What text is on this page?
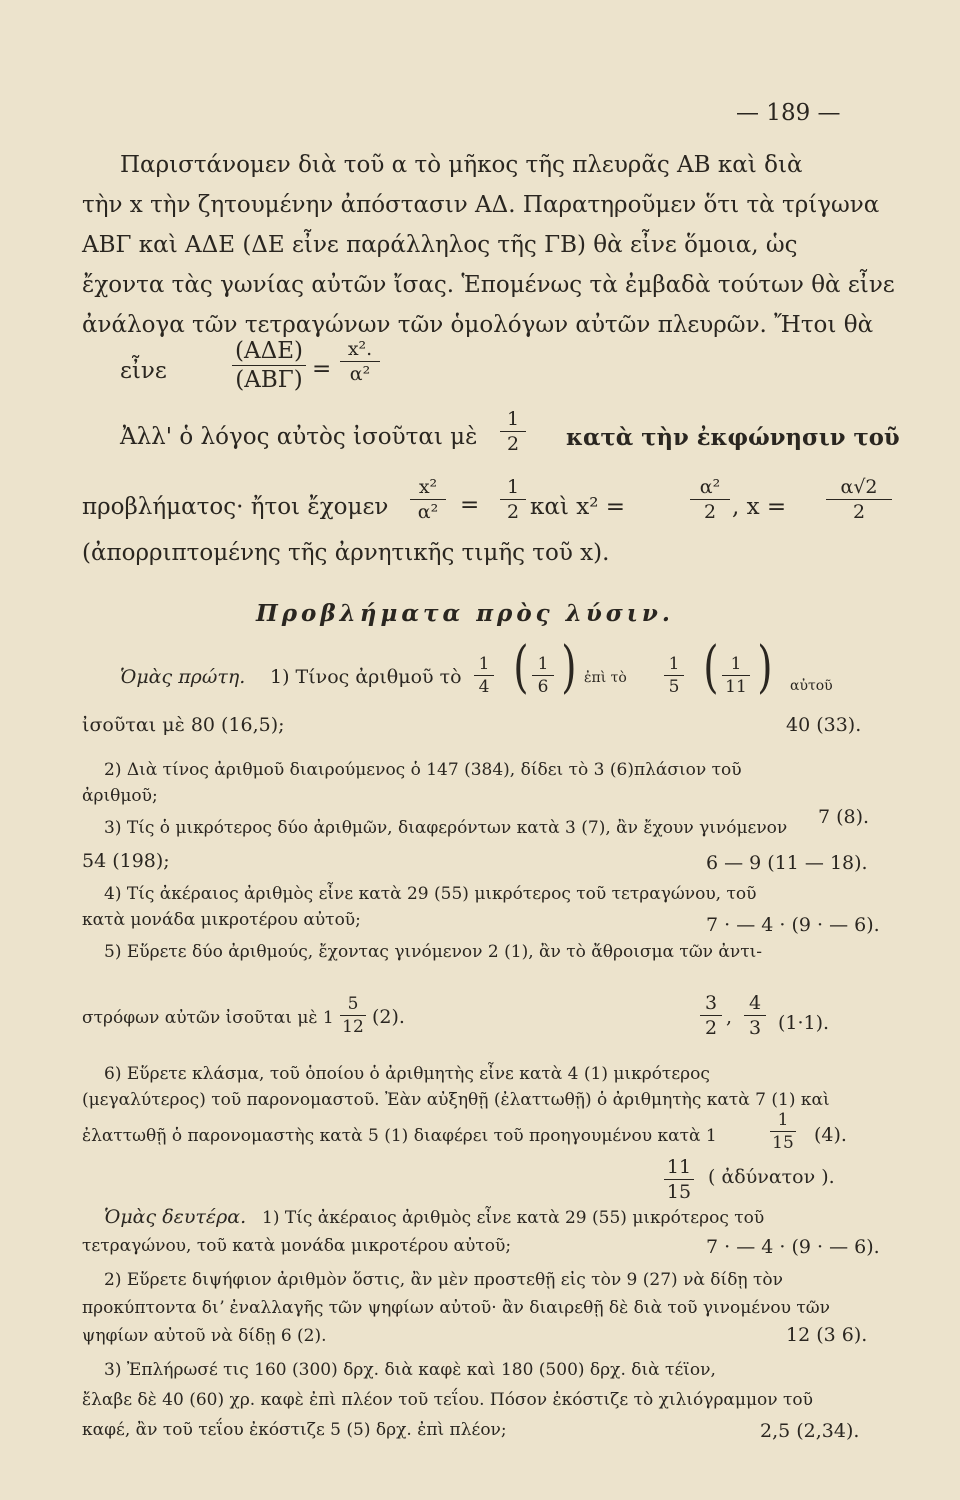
— 189 —
Παριστάνομεν διὰ τοῦ α τὸ μῆκος τῆς πλευρᾶς ΑΒ καὶ διὰ
τὴν x τὴν ζητουμένην ἀπόστασιν ΑΔ. Παρατηροῦμεν ὅτι τὰ τρίγωνα
ΑΒΓ καὶ ΑΔΕ (ΔΕ εἶνε παράλληλος τῆς ΓΒ) θὰ εἶνε ὅμοια, ὡς
ἔχοντα τὰς γωνίας αὐτῶν ἴσας. Ἑπομένως τὰ ἐμβαδὰ τούτων θὰ εἶνε
ἀνάλογα τῶν τετραγώνων τῶν ὁμολόγων αὐτῶν πλευρῶν. Ἤτοι θὰ
εἶνε
(ΑΔΕ)
(ΑΒΓ) =
x².
α²
Ἀλλ' ὁ λόγος αὐτὸς ἰσοῦται μὲ
1
2	κατὰ τὴν ἐκφώνησιν τοῦ
προβλήματος· ἤτοι ἔχομεν
x²
α² =
1
2 καὶ x² =
α²
2 , x =
α√2
2
(ἀπορριπτομένης τῆς ἀρνητικῆς τιμῆς τοῦ x).
Προβλήματα πρὸς λύσιν.
Ὁμὰς πρώτη. 1) Τίνος ἀριθμοῦ τὸ
1
4 ( 1
6 ) ἐπὶ τὸ
1
5 ( 1
11 ) αὐτοῦ
ἰσοῦται μὲ 80 (16,5);	40 (33).
2) Διὰ τίνος ἀριθμοῦ διαιρούμενος ὁ 147 (384), δίδει τὸ 3 (6)πλάσιον τοῦ
ἀριθμοῦ;
7 (8).
3) Τίς ὁ μικρότερος δύο ἀριθμῶν, διαφερόντων κατὰ 3 (7), ἂν ἔχουν γινόμενον
54 (198);	6 — 9 (11 — 18).
4) Τίς ἀκέραιος ἀριθμὸς εἶνε κατὰ 29 (55) μικρότερος τοῦ τετραγώνου, τοῦ
κατὰ μονάδα μικροτέρου αὐτοῦ;	7 · — 4 · (9 · — 6).
5) Εὕρετε δύο ἀριθμούς, ἔχοντας γινόμενον 2 (1), ἂν τὸ ἄθροισμα τῶν ἀντι-
στρόφων αὐτῶν ἰσοῦται μὲ 1
5
12 (2).
3
2 ,
4
3 (1·1).
6) Εὕρετε κλάσμα, τοῦ ὁποίου ὁ ἀριθμητὴς εἶνε κατὰ 4 (1) μικρότερος
(μεγαλύτερος) τοῦ παρονομαστοῦ. Ἐὰν αὐξηθῇ (ἐλαττωθῇ) ὁ ἀριθμητὴς κατὰ 7 (1) καὶ
ἐλαττωθῇ ὁ παρονομαστὴς κατὰ 5 (1) διαφέρει τοῦ προηγουμένου κατὰ 1
1
15 (4).
11
15
( ἀδύνατον ).
Ὁμὰς δευτέρα. 1) Τίς ἀκέραιος ἀριθμὸς εἶνε κατὰ 29 (55) μικρότερος τοῦ
τετραγώνου, τοῦ κατὰ μονάδα μικροτέρου αὐτοῦ;	7 · — 4 · (9 · — 6).
2) Εὕρετε διψήφιον ἀριθμὸν ὅστις, ἂν μὲν προστεθῇ εἰς τὸν 9 (27) νὰ δίδῃ τὸν
προκύπτοντα διʼ ἐναλλαγῆς τῶν ψηφίων αὐτοῦ· ἂν διαιρεθῇ δὲ διὰ τοῦ γινομένου τῶν
ψηφίων αὐτοῦ νὰ δίδῃ 6 (2).	12 (3 6).
3) Ἐπλήρωσέ τις 160 (300) δρχ. διὰ καφὲ καὶ 180 (500) δρχ. διὰ τέϊον,
ἔλαβε δὲ 40 (60) χρ. καφὲ ἐπὶ πλέον τοῦ τεΐου. Πόσον ἐκόστιζε τὸ χιλιόγραμμον τοῦ
καφέ, ἂν τοῦ τεΐου ἐκόστιζε 5 (5) δρχ. ἐπὶ πλέον;	2,5 (2,34).
